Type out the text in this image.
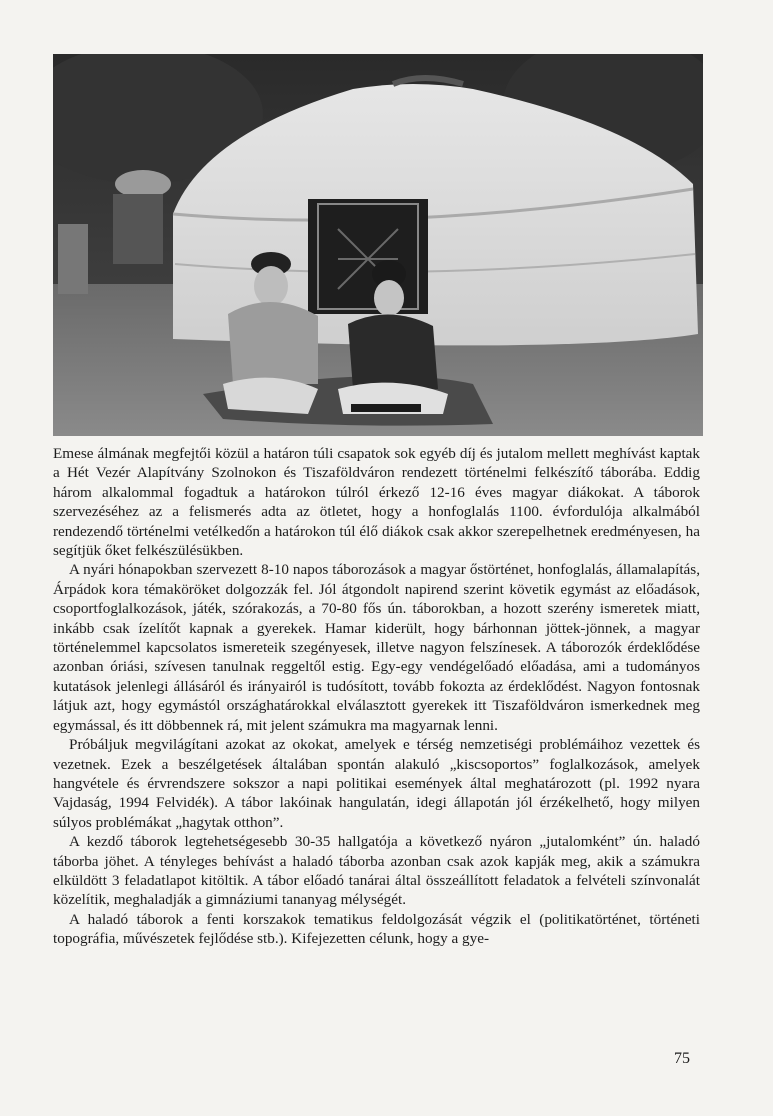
Emese álmának megfejtői közül a határon túli csapatok sok egyéb díj és jutalom mellett meghívást kaptak a Hét Vezér Alapítvány Szolnokon és Tiszaföldváron rendezett történelmi felkészítő táborába. Eddig három alkalommal fogadtuk a határokon túlról érkező 12-16 éves magyar diákokat. A táborok szervezéséhez az a felismerés adta az ötletet, hogy a honfoglalás 1100. évfordulója alkalmából rendezendő történelmi vetélkedőn a határokon túl élő diákok csak akkor szerepelhetnek eredményesen, ha segítjük őket felkészülésükben.

A nyári hónapokban szervezett 8-10 napos táborozások a magyar őstörténet, honfoglalás, államalapítás, Árpádok kora témaköröket dolgozzák fel. Jól átgondolt napirend szerint követik egymást az előadások, csoportfoglalkozások, játék, szórakozás, a 70-80 fős ún. táborokban, a hozott szerény ismeretek miatt, inkább csak ízelítőt kapnak a gyerekek. Hamar kiderült, hogy bárhonnan jöttek-jönnek, a magyar történelemmel kapcsolatos ismereteik szegényesek, illetve nagyon felszínesek. A táborozók érdeklődése azonban óriási, szívesen tanulnak reggeltől estig. Egy-egy vendégelőadó előadása, ami a tudományos kutatások jelenlegi állásáról és irányairól is tudósított, tovább fokozta az érdeklődést. Nagyon fontosnak látjuk azt, hogy egymástól országhatárokkal elválasztott gyerekek itt Tiszaföldváron ismerkednek meg egymással, és itt döbbennek rá, mit jelent számukra ma magyarnak lenni.

Próbáljuk megvilágítani azokat az okokat, amelyek e térség nemzetiségi problémáihoz vezettek és vezetnek. Ezek a beszélgetések általában spontán alakuló „kiscsoportos” foglalkozások, amelyek hangvétele és érvrendszere sokszor a napi politikai események által meghatározott (pl. 1992 nyara Vajdaság, 1994 Felvidék). A tábor lakóinak hangulatán, idegi állapotán jól érzékelhető, hogy milyen súlyos problémákat „hagytak otthon”.

A kezdő táborok legtehetségesebb 30-35 hallgatója a következő nyáron „jutalomként” ún. haladó táborba jöhet. A tényleges behívást a haladó táborba azonban csak azok kapják meg, akik a számukra elküldött 3 feladatlapot kitöltik. A tábor előadó tanárai által összeállított feladatok a felvételi színvonalát közelítik, meghaladják a gimnáziumi tananyag mélységét.

A haladó táborok a fenti korszakok tematikus feldolgozását végzik el (politikatörténet, történeti topográfia, művészetek fejlődése stb.). Kifejezetten célunk, hogy a gye-

75
